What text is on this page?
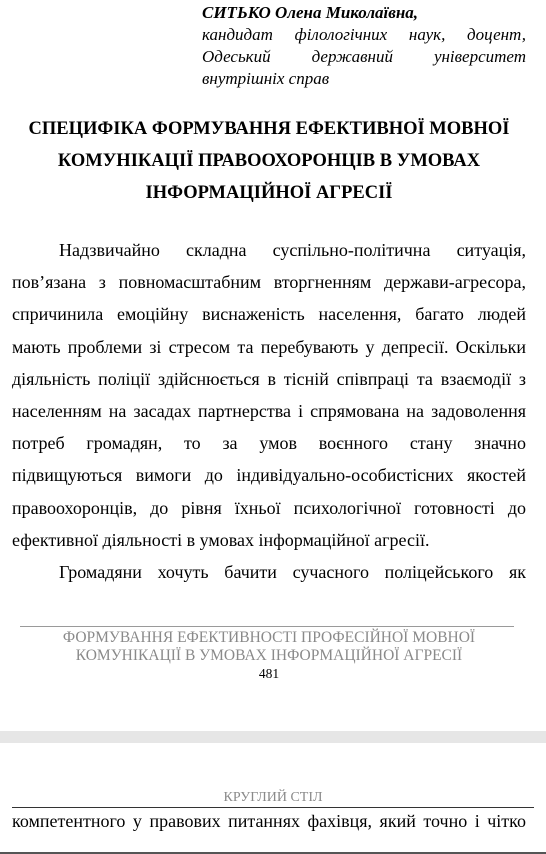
СИТЬКО Олена Миколаївна,
кандидат філологічних наук, доцент,
Одеський державний університет
внутрішніх справ
СПЕЦИФІКА ФОРМУВАННЯ ЕФЕКТИВНОЇ МОВНОЇ
КОМУНІКАЦІЇ ПРАВООХОРОНЦІВ В УМОВАХ
ІНФОРМАЦІЙНОЇ АГРЕСІЇ
Надзвичайно складна суспільно-політична ситуація,
пов’язана з повномасштабним вторгненням держави-агресора,
спричинила емоційну виснаженість населення, багато людей
мають проблеми зі стресом та перебувають у депресії. Оскільки
діяльність поліції здійснюється в тісній співпраці та взаємодії з
населенням на засадах партнерства і спрямована на задоволення
потреб громадян, то за умов воєнного стану значно
підвищуються вимоги до індивідуально-особистісних якостей
правоохоронців, до рівня їхньої психологічної готовності до
ефективної діяльності в умовах інформаційної агресії.
Громадяни хочуть бачити сучасного поліцейського як
ФОРМУВАННЯ ЕФЕКТИВНОСТІ ПРОФЕСІЙНОЇ МОВНОЇ
КОМУНІКАЦІЇ В УМОВАХ ІНФОРМАЦІЙНОЇ АГРЕСІЇ
481
КРУГЛИЙ СТІЛ
компетентного у правових питаннях фахівця, який точно і чітко
